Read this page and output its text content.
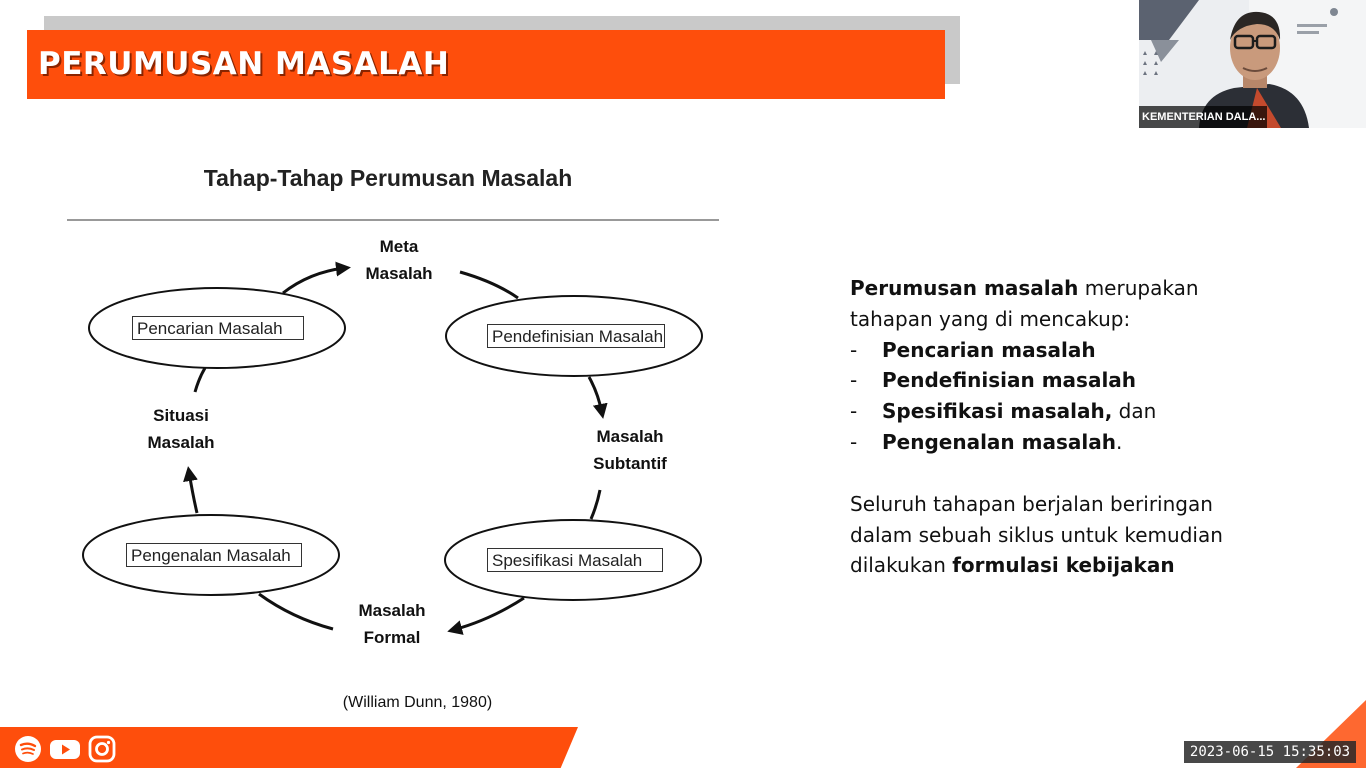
PERUMUSAN MASALAH
Tahap-Tahap Perumusan Masalah
Pencarian Masalah	Pendefinisian Masalah
Spesifikasi Masalah
Pengenalan Masalah
Meta
Masalah
Masalah
Subtantif
Masalah
Formal
Situasi
Masalah
(William Dunn, 1980)

Perumusan masalah merupakan tahapan yang di mencakup:

- Pencarian masalah
- Pendefinisian masalah
- Spesifikasi masalah, dan
- Pengenalan masalah.

Seluruh tahapan berjalan beriringan dalam sebuah siklus untuk kemudian dilakukan formulasi kebijakan

2023-06-15 15:35:03
KEMENTERIAN DALA...
